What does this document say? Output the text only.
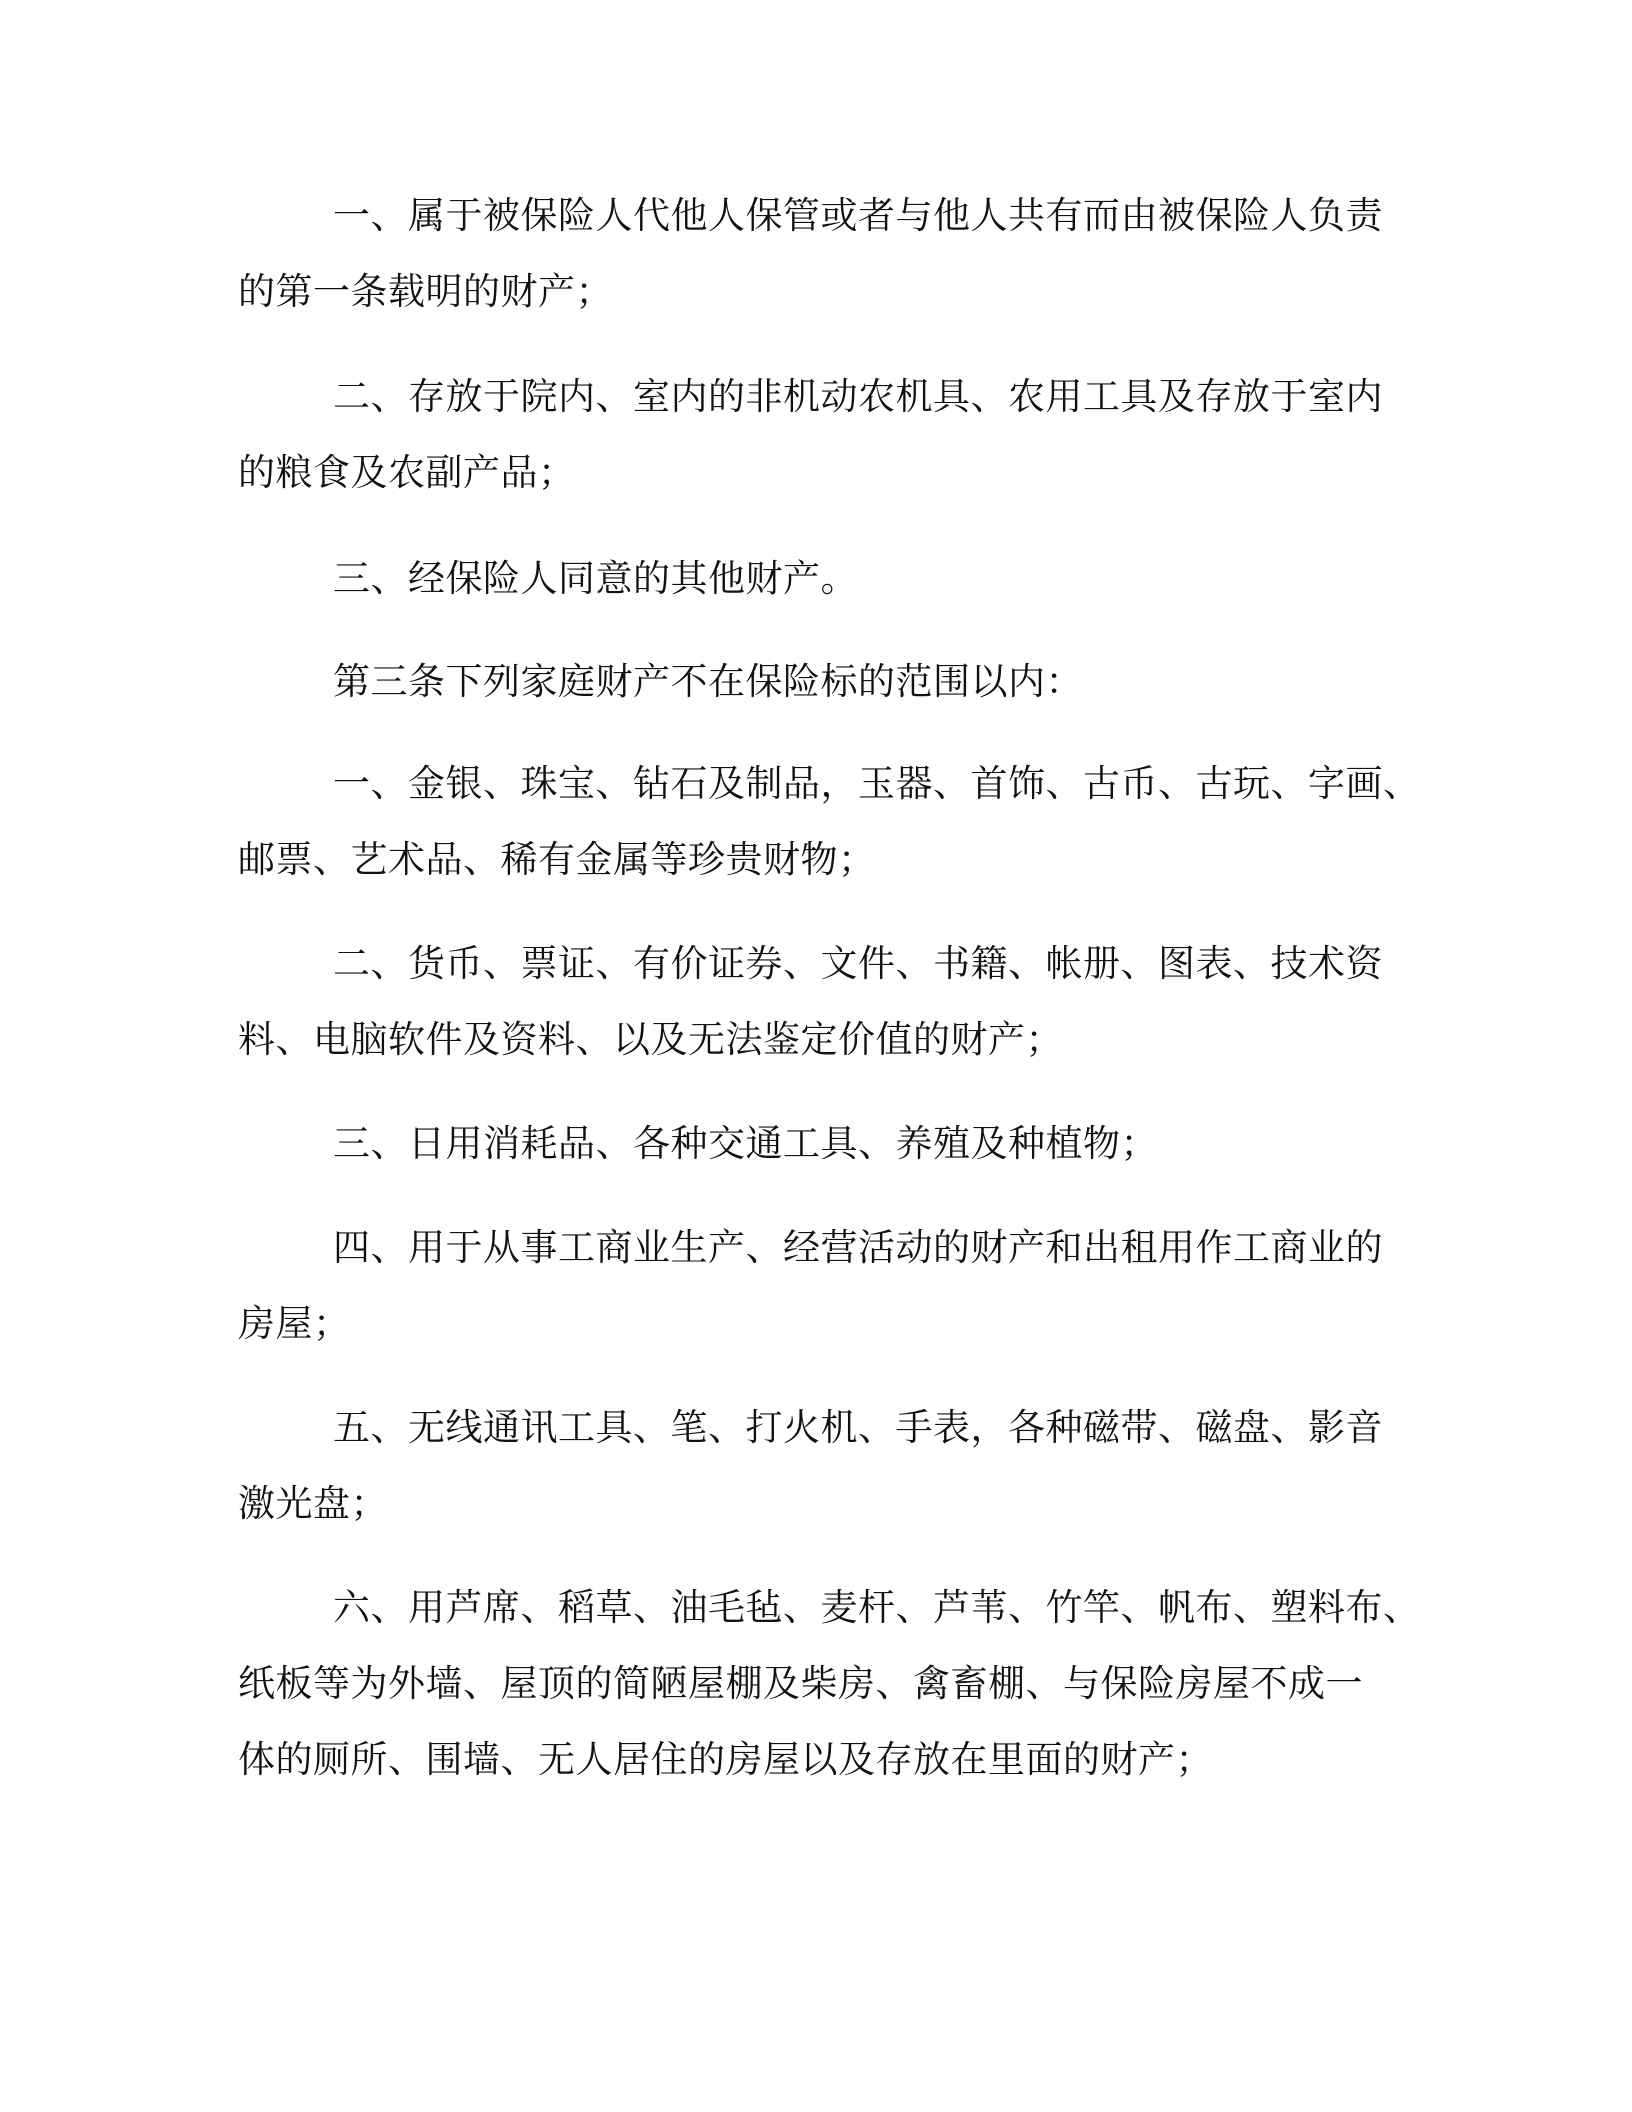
一、属于被保险人代他人保管或者与他人共有而由被保险人负责
的第一条载明的财产；
二、存放于院内、室内的非机动农机具、农用工具及存放于室内
的粮食及农副产品；
三、经保险人同意的其他财产。
第三条下列家庭财产不在保险标的范围以内：
一、金银、珠宝、钻石及制品，玉器、首饰、古币、古玩、字画、
邮票、艺术品、稀有金属等珍贵财物；
二、货币、票证、有价证券、文件、书籍、帐册、图表、技术资
料、电脑软件及资料、以及无法鉴定价值的财产；
三、日用消耗品、各种交通工具、养殖及种植物；
四、用于从事工商业生产、经营活动的财产和出租用作工商业的
房屋；
五、无线通讯工具、笔、打火机、手表，各种磁带、磁盘、影音
激光盘；
六、用芦席、稻草、油毛毡、麦杆、芦苇、竹竿、帆布、塑料布、
纸板等为外墙、屋顶的简陋屋棚及柴房、禽畜棚、与保险房屋不成一
体的厕所、围墙、无人居住的房屋以及存放在里面的财产；
